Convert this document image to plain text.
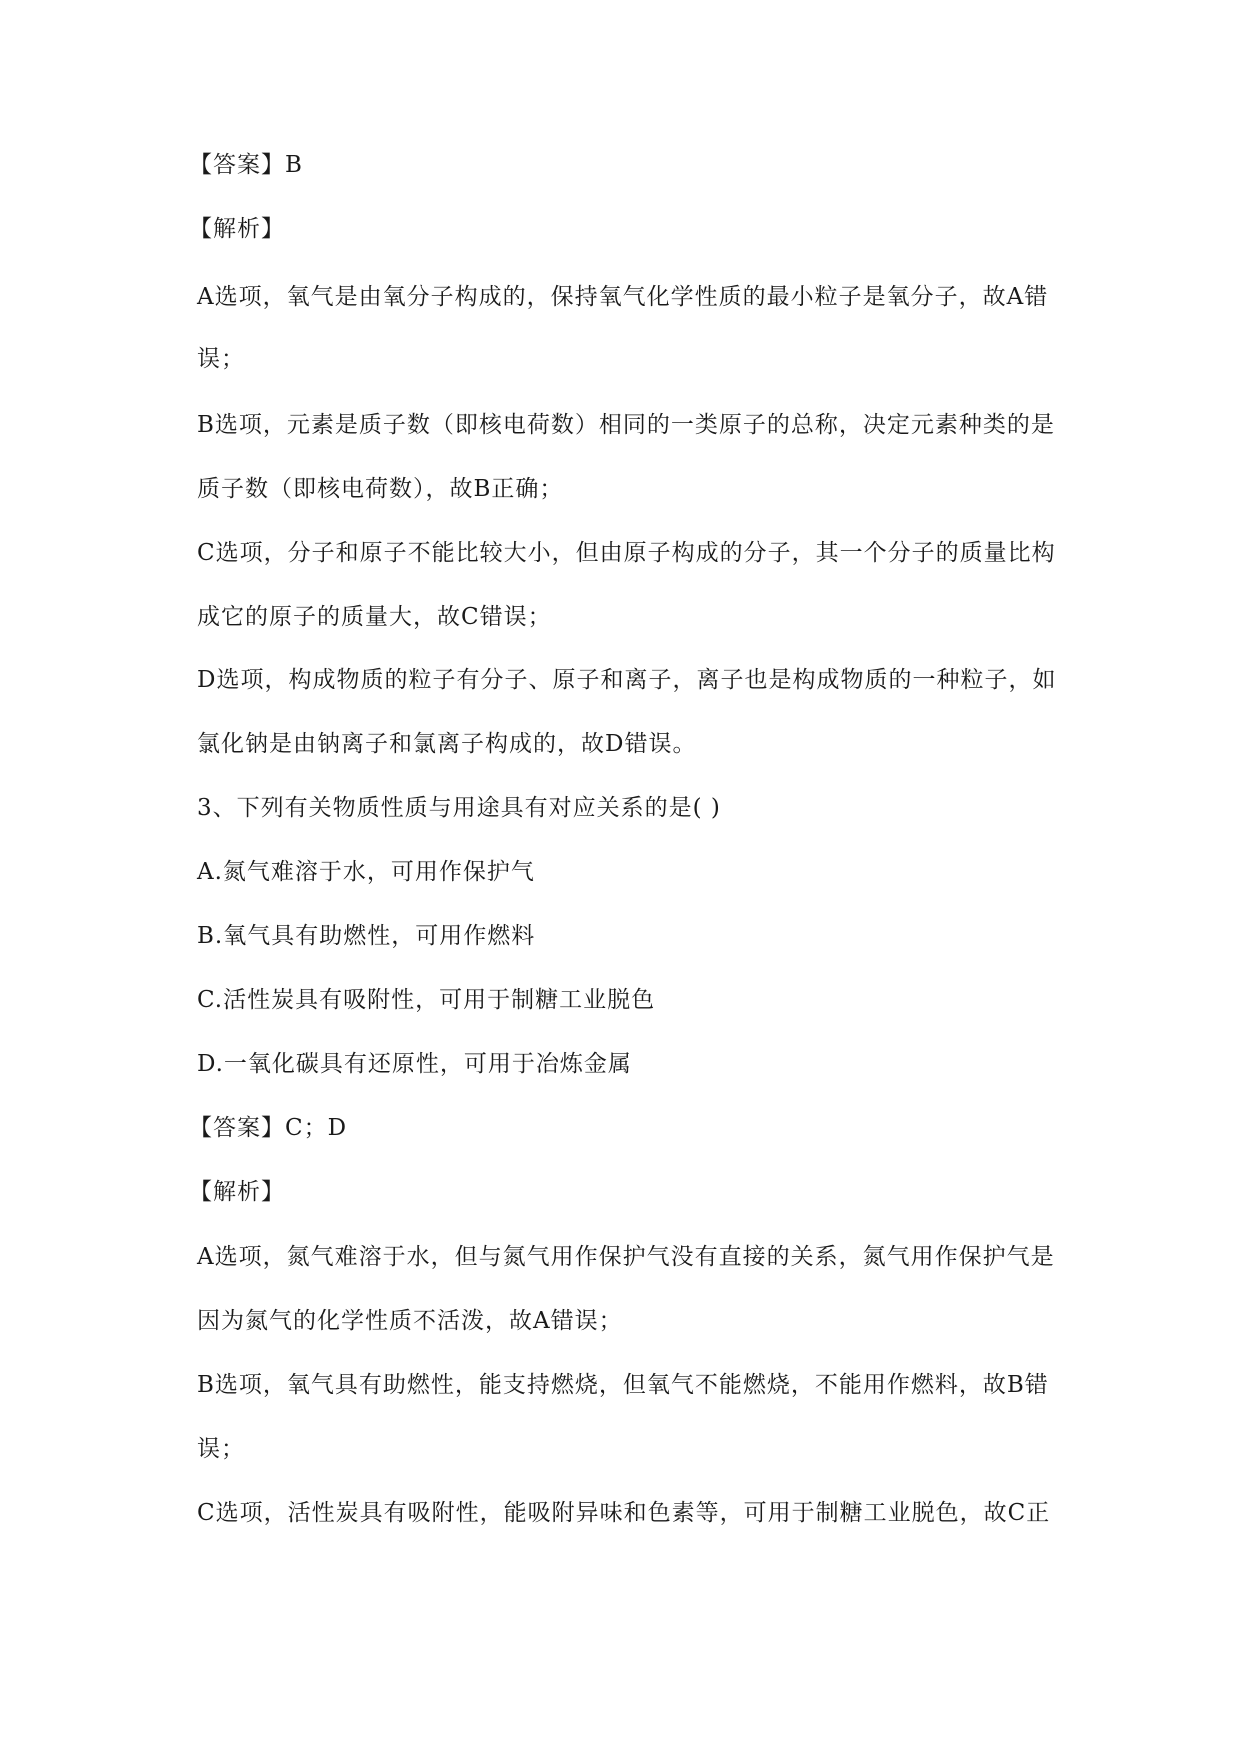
【答案】B
【解析】
A选项，氧气是由氧分子构成的，保持氧气化学性质的最小粒子是氧分子，故A错
误；
B选项，元素是质子数（即核电荷数）相同的一类原子的总称，决定元素种类的是
质子数（即核电荷数），故B正确；
C选项，分子和原子不能比较大小，但由原子构成的分子，其一个分子的质量比构
成它的原子的质量大，故C错误；
D选项，构成物质的粒子有分子、原子和离子，离子也是构成物质的一种粒子，如
氯化钠是由钠离子和氯离子构成的，故D错误。
3、下列有关物质性质与用途具有对应关系的是( )
A.氮气难溶于水，可用作保护气
B.氧气具有助燃性，可用作燃料
C.活性炭具有吸附性，可用于制糖工业脱色
D.一氧化碳具有还原性，可用于冶炼金属
【答案】C；D
【解析】
A选项，氮气难溶于水，但与氮气用作保护气没有直接的关系，氮气用作保护气是
因为氮气的化学性质不活泼，故A错误；
B选项，氧气具有助燃性，能支持燃烧，但氧气不能燃烧，不能用作燃料，故B错
误；
C选项，活性炭具有吸附性，能吸附异味和色素等，可用于制糖工业脱色，故C正
